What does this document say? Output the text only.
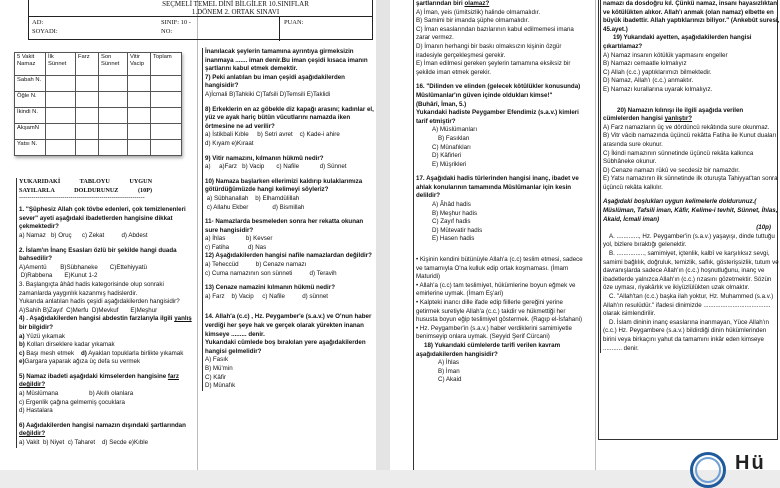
SEÇMELİ TEMEL DİNİ BİLGİLER 10.SINIFLAR
1.DÖNEM 2. ORTAK SINAVI
AD:
SOYADI:
SINIF: 10 -
NO:
PUAN:
5 Vakit Namaz	İlk Sünnet	Farz	Son Sünnet	Vitir Vacip	Toplam
Sabah N.					
Öğle N.					
İkindi N.					
AkşamN					
Yatsı N.					
YUKARIDAKİ TABLOYU UYGUN SAYILARLA DOLDURUNUZ (10P)
-------------------------------------------------------------
1. "Şüphesiz Allah çok tövbe edenleri, çok temizlenenleri sever" ayeti aşağıdaki ibadetlerden hangisine dikkat çekmektedir?
a) Namaz   b) Oruç      c) Zekat          d) Abdest
2. İslam'ın İnanç Esasları özlü bir şekilde hangi duada bahsedilir?
A)Amentü        B)Sübhaneke       C)Ettehiyyatü
D)Rabbena       E)Kunut 1-2
3. Başlangıçta âhâd hadis kategorisinde olup sonraki zamanlarda yaygınlık kazanmış hadislerdir.
Yukarıda anlatılan hadis çeşidi aşağıdakilerden hangisidir?
A)Sahih B)Zayıf  C)Merfu  D)Mevkuf       E)Meşhur
4) . Aşağıdakilerden hangisi abdestin farzlarıyla ilgili yanlış bir bilgidir?
a) Yüzü yıkamak
b) Kolları dirseklere kadar yıkamak
c) Başı mesh etmek d) Ayakları topuklarla birlikte yıkamak  e)Gargara yaparak ağıza üç defa su vermek
5) Namaz ibadeti aşağıdaki kimselerden hangisine farz değildir?
a) Müslümana                  b) Akıllı olanlara
c) Ergenlik çağına gelmemiş çocuklara
d) Hastalara
6) Aağıdakilerden hangisi namazın dışındaki şartlarından değildir?
a) Vakit  b) Niyet  c) Taharet    d) Secde e)Kıble
İnanılacak şeylerin tamamına ayrıntıya girmeksizin inanmaya ....... iman denir.Bu iman çeşidi kısaca imanın şartlarını kabul etmek demektir.
7) Peki anlatılan bu iman çeşidi aşağıdakilerden hangisidir?
A)İcmali B)Tahkiki C)Tafsili D)Temsili E)Taklidi
8) Erkeklerin en az göbekle diz kapağı arasını; kadınlar el, yüz ve ayak hariç bütün vücutlarını namazda iken örtmesine ne ad verilir?
a) İstikbali Kıble     b) Setri avret    c) Kade-i ahire
d) Kıyam e)Kıraat
9) Vitir namazını, kılmanın hükmü nedir?
a)     a)Farz   b) Vacip       c) Nafile            d) Sünnet
10) Namaza başlarken ellerimizi kaldırıp kulaklarımıza götürdüğümüzde hangi kelimeyi söyleriz?
a) Sübhanallah    b) Elhamdülillah
c) Allahu Ekber              d) Bismillah
11- Namazlarda besmeleden sonra her rekatta okunan sure hangisidir?
a) İhlas            b) Kevser
c) Fatiha           d) Nas
12) Aşağıdakilerden hangisi nafile namazlardan değildir?
a) Teheccüd          b) Cenaze namazı
c) Cuma namazının son sünneti          d) Teravih
13) Cenaze namazini kılmanın hükmü nedir?
a) Farz    b) Vacip     c) Nafile          d) sünnet
14. Allah'a (c.c) , Hz. Peygamber'e (s.a.v.) ve O'nun haber verdiği her şeye hak ve gerçek olarak yürekten inanan kimseye ......... denir.
Yukarıdaki cümlede boş bırakılan yere aşağıdakilerden hangisi gelmelidir?
A) Fasık
B) Mü'min
C) Kâfir
D) Münafık
şartlarından biri olamaz?
A) İman, yeis (ümitsizlik) halinde olmamalıdır.
B) Samimi bir imanda şüphe olmamalıdır.
C) İman esaslarından bazılarının kabul edilmemesi imana zarar vermez.
D) İmanın herhangi bir baskı olmaksızın kişinin özgür iradesiyle gerçekleşmesi gerekir.
E) İman edilmesi gereken şeylerin tamamına eksiksiz bir şekilde iman etmek gerekir.
16. "Dilinden ve elinden (gelecek kötülükler konusunda) Müslümanlar'ın güven içinde oldukları kimse!"
(Buhârî, İman, 5.)
Yukarıdaki hadiste Peygamber Efendimiz (s.a.v.) kimleri tarif etmiştir?
A) Müslümanları
B) Fasıkları
C) Münafıkları
D) Kâfirleri
E) Müşrikleri
17. Aşağıdaki hadis türlerinden hangisi inanç, ibadet ve ahlak konularının tamamında Müslümanlar için kesin delildir?
A) Âhâd hadis
B) Meşhur hadis
C) Zayıf hadis
D) Mütevatir hadis
E) Hasen hadis
• Kişinin kendini bütünüyle Allah'a (c.c) teslim etmesi, sadece ve tamamıyla O'na kulluk edip ortak koşmaması. (İmam Maturidi)
• Allah'a (c.c) tam teslimiyet, hükümlerine boyun eğmek ve emirlerine uymak. (İmam Eş'ari)
• Kalpteki inancı dille ifade edip fiillerle gereğini yerine getirmek suretiyle Allah'a (c.c.) takdir ve hükmettiği her hususta boyun eğip teslimiyet göstermek. (Ragıp el-İsfahani)
• Hz. Peygamber'in (s.a.v.) haber verdiklerini samimiyetle benimseyip onlara uymak. (Seyyid Şerif Cürcani)
18) Yukarıdaki cümlelerde tarifi verilen kavram aşağıdakilerden hangisidir?
A) İhlas
B) İman
C) Akaid
namazı da dosdoğru kıl. Çünkü namaz, insanı hayasızlıktan ve kötülükten alıkor. Allah'ı anmak (olan namaz) elbette en büyük ibadettir. Allah yaptıklarınızı biliyor." (Ankebût suresi, 45.ayet.)
19) Yukarıdaki ayetten, aşağıdakilerden hangisi çıkartılamaz?
A) Namaz insanın kötülük yapmasını engeller
B) Namazı cemaatle kılmalıyız
C) Allah (c.c.) yaptıklarımızı bilmektedir.
D) Namaz, Allah'ı (c.c.) anmaktır.
E) Namazı kurallarına uyarak kılmalıyız.
20) Namazın kılınışı ile ilgili aşağıda verilen cümlelerden hangisi yanlıştır?
A) Farz namazların üç ve dördüncü rekâtında sure okunmaz.
B) Vitr vâcib namazında üçüncü rekâtta Fatiha ile Kunut duaları arasında sure okunur.
C) İkindi namazının sünnetinde üçüncü rekâta kalkınca Sübhâneke okunur.
D) Cenaze namazı rükû ve secdesiz bir namazdır.
E) Yatsı namazının ilk sünnetinde ilk oturuşta Tahiyyat'tan sonra üçüncü rekâta kalkılır.
Aşağıdaki boşlukları uygun kelimelerle doldurunuz.( Müslüman, Tafsili iman, Kâfir, Kelime-i tevhit, Sünnet, İhlas, Akaid, İcmali iman)
(10p)
A. ............., Hz. Peygamber'in (s.a.v.) yaşayışı, dinde tuttuğu yol, bizlere bıraktığı gelenektir.
B. ................, samimiyet, içtenlik, kalbî ve karşılıksız sevgi, samimi bağlılık, doğruluk, temizlik, saflık, gösterişsizlik, tutum ve davranışlarda sadece Allah'ın (c.c.) hoşnutluğunu, inanç ve ibadetlerde yalnızca Allah'ın (c.c.) rızasını gözetmektir. Sözün öze uyması, riyakârlık ve ikiyüzlülükten uzak olmaktır.
C. "Allah'tan (c.c.) başka ilah yoktur, Hz. Muhammed (s.a.v.) Allah'ın resulüdür." ifadesi dinimizde ....................................... olarak isimlendirilir.
D. İslam dininin inanç esaslarına inanmayan, Yüce Allah'ın (c.c.) Hz. Peygambere (s.a.v.) bildirdiği dinin hükümlerinden birini veya birkaçını yahut da tamamını inkâr eden kimseye ........... denir.
Hü
